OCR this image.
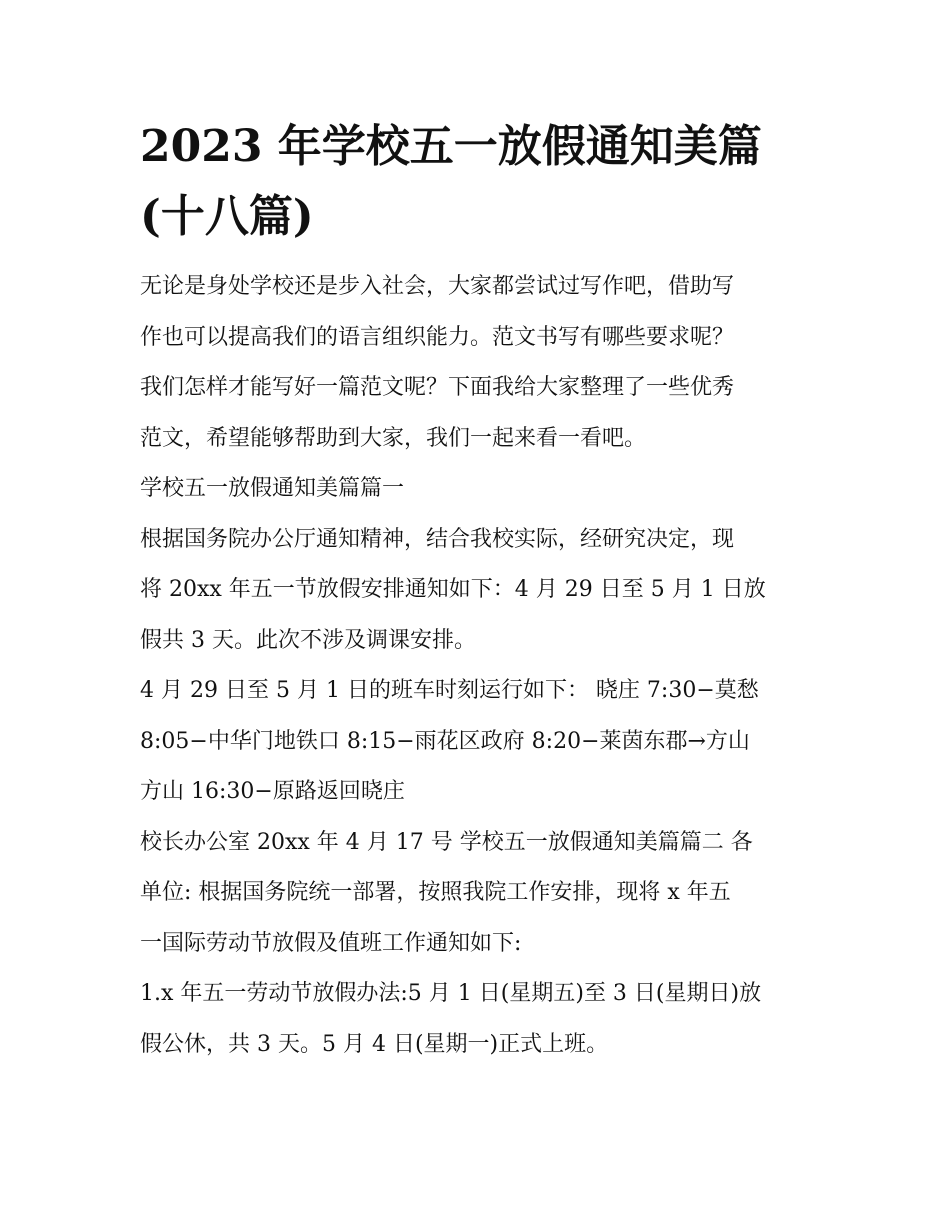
2023 年学校五一放假通知美篇
(十八篇)
无论是身处学校还是步入社会，大家都尝试过写作吧，借助写
作也可以提高我们的语言组织能力。范文书写有哪些要求呢？
我们怎样才能写好一篇范文呢？下面我给大家整理了一些优秀
范文，希望能够帮助到大家，我们一起来看一看吧。
学校五一放假通知美篇篇一
根据国务院办公厅通知精神，结合我校实际，经研究决定，现
将 20xx 年五一节放假安排通知如下：4 月 29 日至 5 月 1 日放
假共 3 天。此次不涉及调课安排。
4 月 29 日至 5 月 1 日的班车时刻运行如下： 晓庄 7:30−莫愁
8:05−中华门地铁口 8:15−雨花区政府 8:20−莱茵东郡→方山
方山 16:30−原路返回晓庄
校长办公室 20xx 年 4 月 17 号 学校五一放假通知美篇篇二 各
单位: 根据国务院统一部署，按照我院工作安排，现将 x 年五
一国际劳动节放假及值班工作通知如下:
1.x 年五一劳动节放假办法:5 月 1 日(星期五)至 3 日(星期日)放
假公休，共 3 天。5 月 4 日(星期一)正式上班。
